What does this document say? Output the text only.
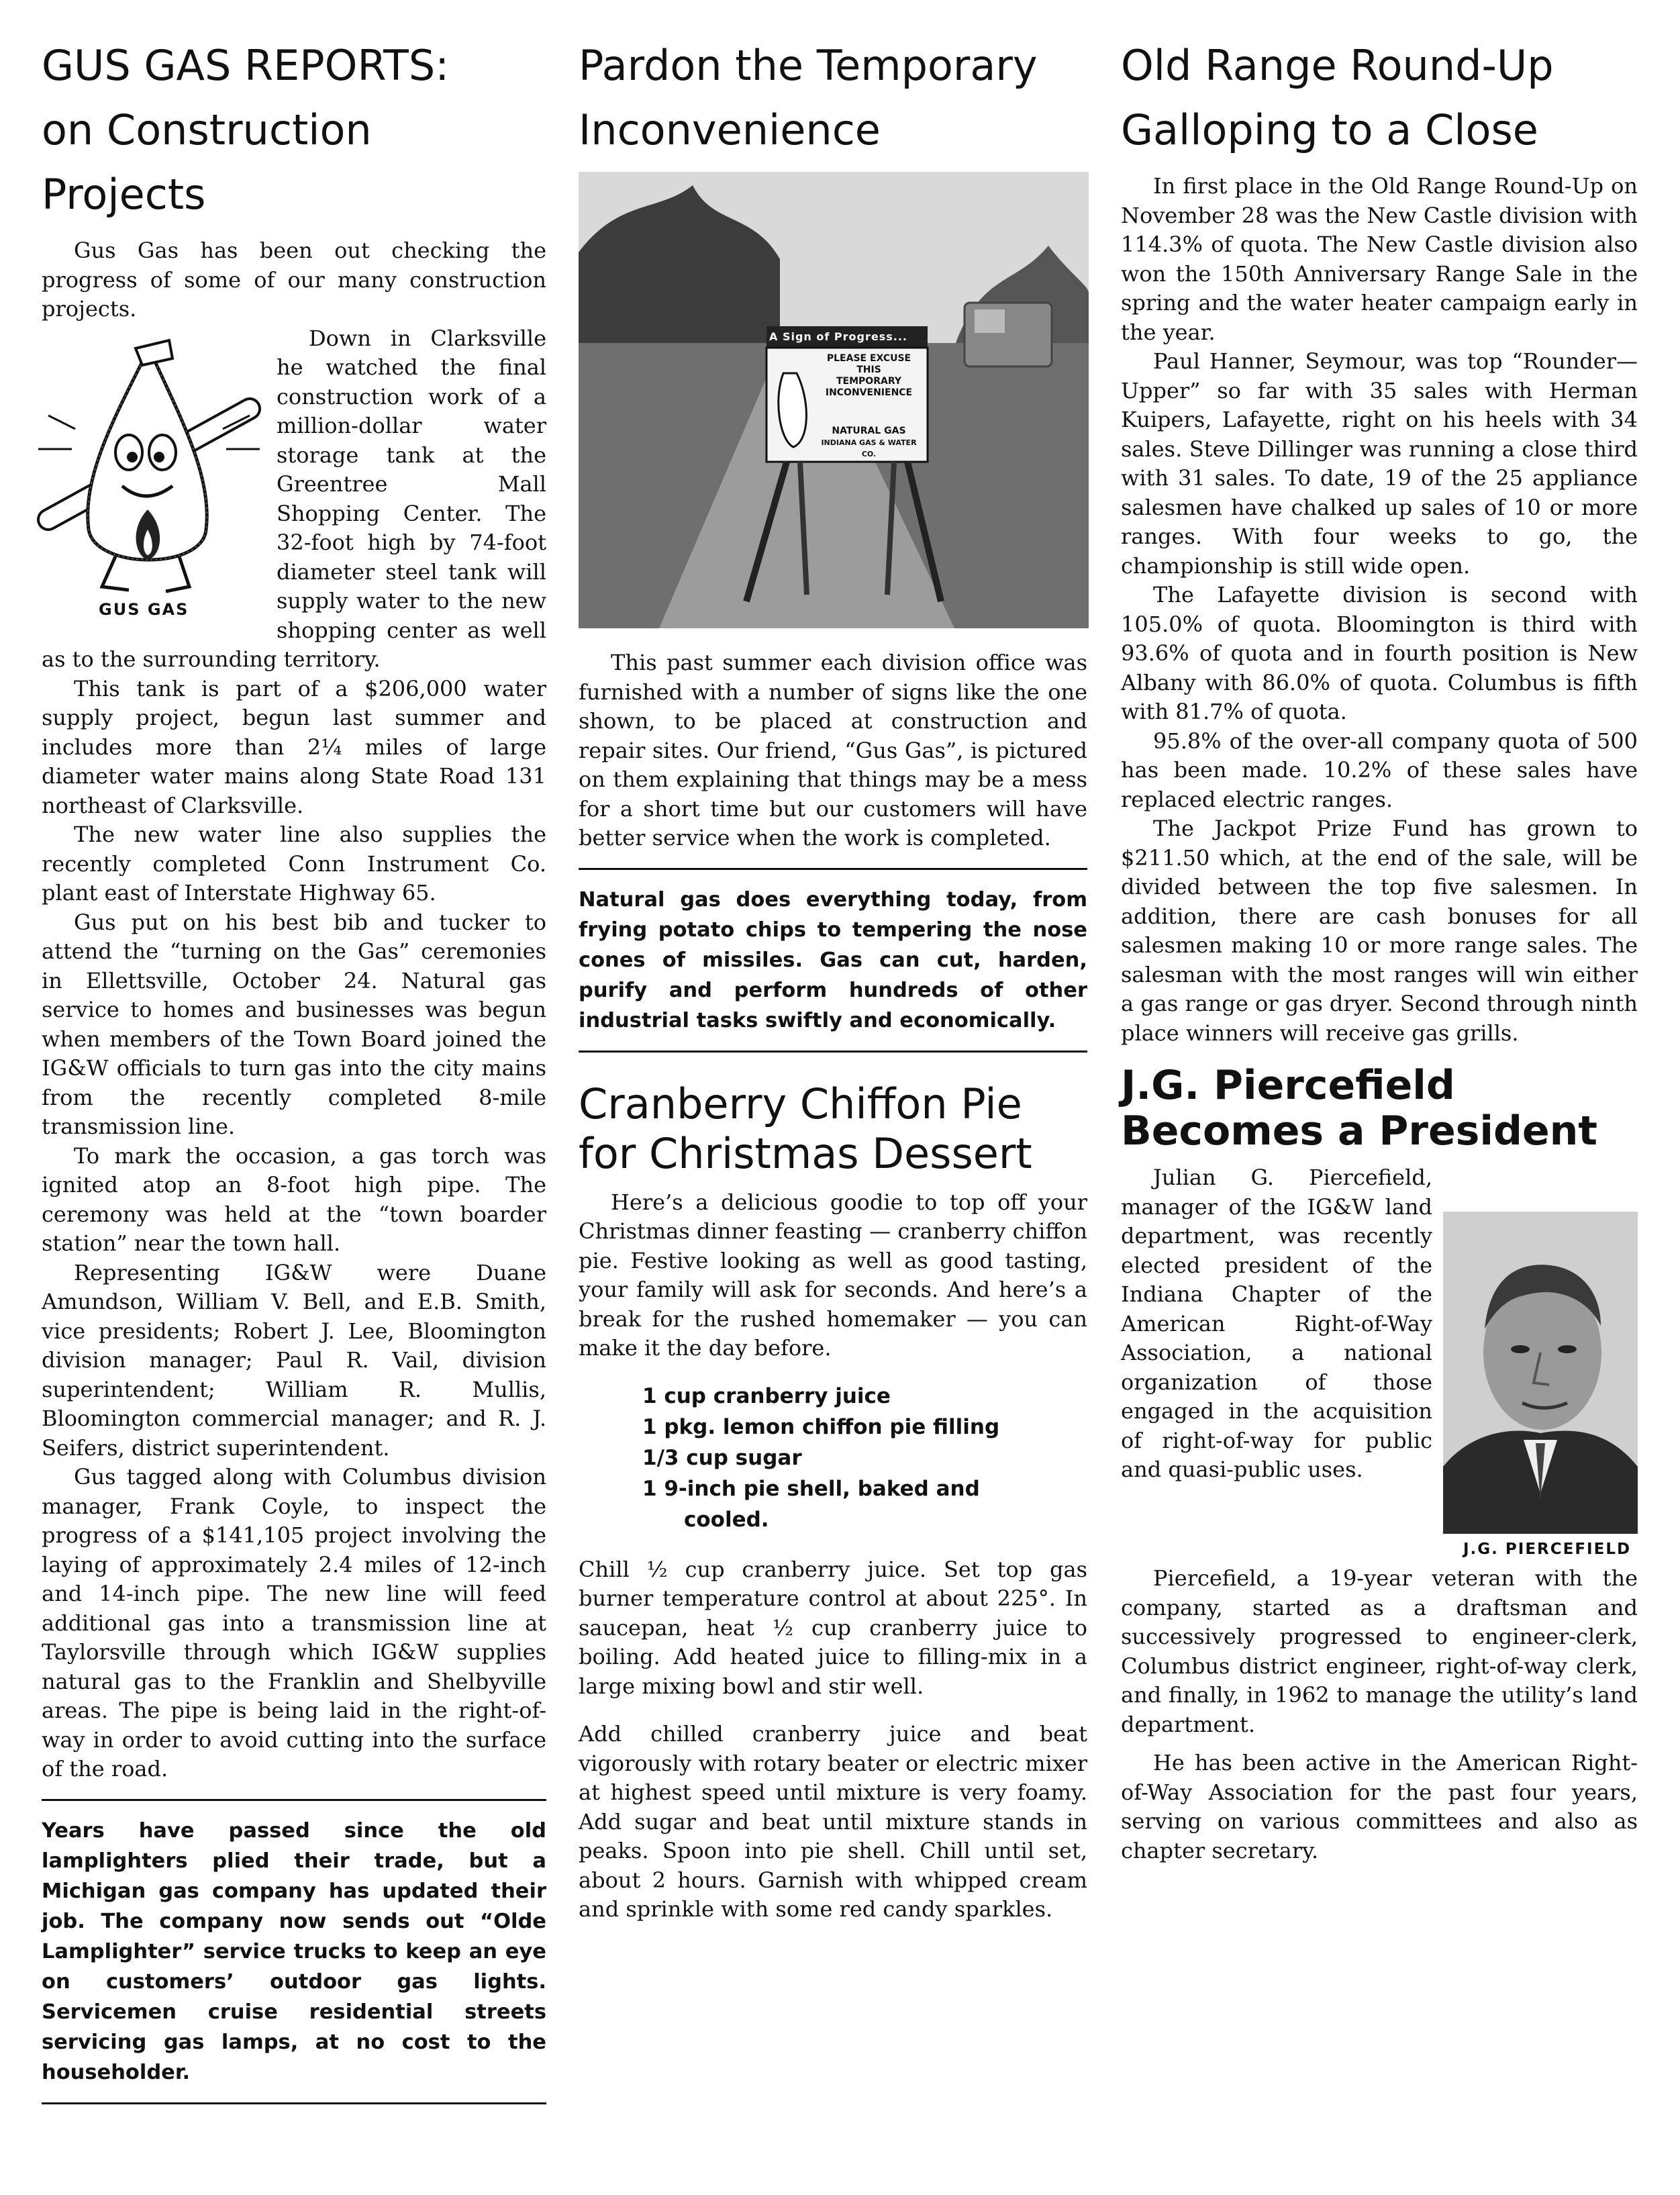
GUS GAS REPORTS:
on Construction Projects

Gus Gas has been out checking the progress of some of our many construction projects.

GUS GAS

Down in Clarksville he watched the final construction work of a million-dollar water storage tank at the Greentree Mall Shopping Center. The 32-foot high by 74-foot diameter steel tank will supply water to the new shopping center as well as to the surrounding territory.

This tank is part of a $206,000 water supply project, begun last summer and includes more than 2¼ miles of large diameter water mains along State Road 131 northeast of Clarksville.

The new water line also supplies the recently completed Conn Instrument Co. plant east of Interstate Highway 65.

Gus put on his best bib and tucker to attend the “turning on the Gas” ceremonies in Ellettsville, October 24. Natural gas service to homes and businesses was begun when members of the Town Board joined the IG&W officials to turn gas into the city mains from the recently completed 8-mile transmission line.

To mark the occasion, a gas torch was ignited atop an 8-foot high pipe. The ceremony was held at the “town boarder station” near the town hall.

Representing IG&W were Duane Amundson, William V. Bell, and E.B. Smith, vice presidents; Robert J. Lee, Bloomington division manager; Paul R. Vail, division superintendent; William R. Mullis, Bloomington commercial manager; and R. J. Seifers, district superintendent.

Gus tagged along with Columbus division manager, Frank Coyle, to inspect the progress of a $141,105 project involving the laying of approximately 2.4 miles of 12-inch and 14-inch pipe. The new line will feed additional gas into a transmission line at Taylorsville through which IG&W supplies natural gas to the Franklin and Shelbyville areas. The pipe is being laid in the right-of-way in order to avoid cutting into the surface of the road.

Years have passed since the old lamplighters plied their trade, but a Michigan gas company has updated their job. The company now sends out “Olde Lamplighter” service trucks to keep an eye on customers’ outdoor gas lights. Servicemen cruise residential streets servicing gas lamps, at no cost to the householder.

Pardon the Temporary
Inconvenience
A Sign of Progress...
PLEASE EXCUSE
THIS
TEMPORARY
INCONVENIENCE
NATURAL GAS
INDIANA GAS & WATER CO.

This past summer each division office was furnished with a number of signs like the one shown, to be placed at construction and repair sites. Our friend, “Gus Gas”, is pictured on them explaining that things may be a mess for a short time but our customers will have better service when the work is completed.

Natural gas does everything today, from frying potato chips to tempering the nose cones of missiles. Gas can cut, harden, purify and perform hundreds of other industrial tasks swiftly and economically.

Cranberry Chiffon Pie
for Christmas Dessert

Here’s a delicious goodie to top off your Christmas dinner feasting — cranberry chiffon pie. Festive looking as well as good tasting, your family will ask for seconds. And here’s a break for the rushed homemaker — you can make it the day before.

1 cup cranberry juice
1 pkg. lemon chiffon pie filling
1/3 cup sugar
1 9-inch pie shell, baked and
cooled.

Chill ½ cup cranberry juice. Set top gas burner temperature control at about 225°. In saucepan, heat ½ cup cranberry juice to boiling. Add heated juice to filling-mix in a large mixing bowl and stir well.

Add chilled cranberry juice and beat vigorously with rotary beater or electric mixer at highest speed until mixture is very foamy. Add sugar and beat until mixture stands in peaks. Spoon into pie shell. Chill until set, about 2 hours. Garnish with whipped cream and sprinkle with some red candy sparkles.

Old Range Round-Up
Galloping to a Close

In first place in the Old Range Round-Up on November 28 was the New Castle division with 114.3% of quota. The New Castle division also won the 150th Anniversary Range Sale in the spring and the water heater campaign early in the year.

Paul Hanner, Seymour, was top “Rounder—Upper” so far with 35 sales with Herman Kuipers, Lafayette, right on his heels with 34 sales. Steve Dillinger was running a close third with 31 sales. To date, 19 of the 25 appliance salesmen have chalked up sales of 10 or more ranges. With four weeks to go, the championship is still wide open.

The Lafayette division is second with 105.0% of quota. Bloomington is third with 93.6% of quota and in fourth position is New Albany with 86.0% of quota. Columbus is fifth with 81.7% of quota.

95.8% of the over-all company quota of 500 has been made. 10.2% of these sales have replaced electric ranges.

The Jackpot Prize Fund has grown to $211.50 which, at the end of the sale, will be divided between the top five salesmen. In addition, there are cash bonuses for all salesmen making 10 or more range sales. The salesman with the most ranges will win either a gas range or gas dryer. Second through ninth place winners will receive gas grills.

J.G. Piercefield
Becomes a President
J.G. PIERCEFIELD

Julian G. Piercefield, manager of the IG&W land department, was recently elected president of the Indiana Chapter of the American Right-of-Way Association, a national organization of those engaged in the acquisition of right-of-way for public and quasi-public uses.

Piercefield, a 19-year veteran with the company, started as a draftsman and successively progressed to engineer-clerk, Columbus district engineer, right-of-way clerk, and finally, in 1962 to manage the utility’s land department.

He has been active in the American Right-of-Way Association for the past four years, serving on various committees and also as chapter secretary.
